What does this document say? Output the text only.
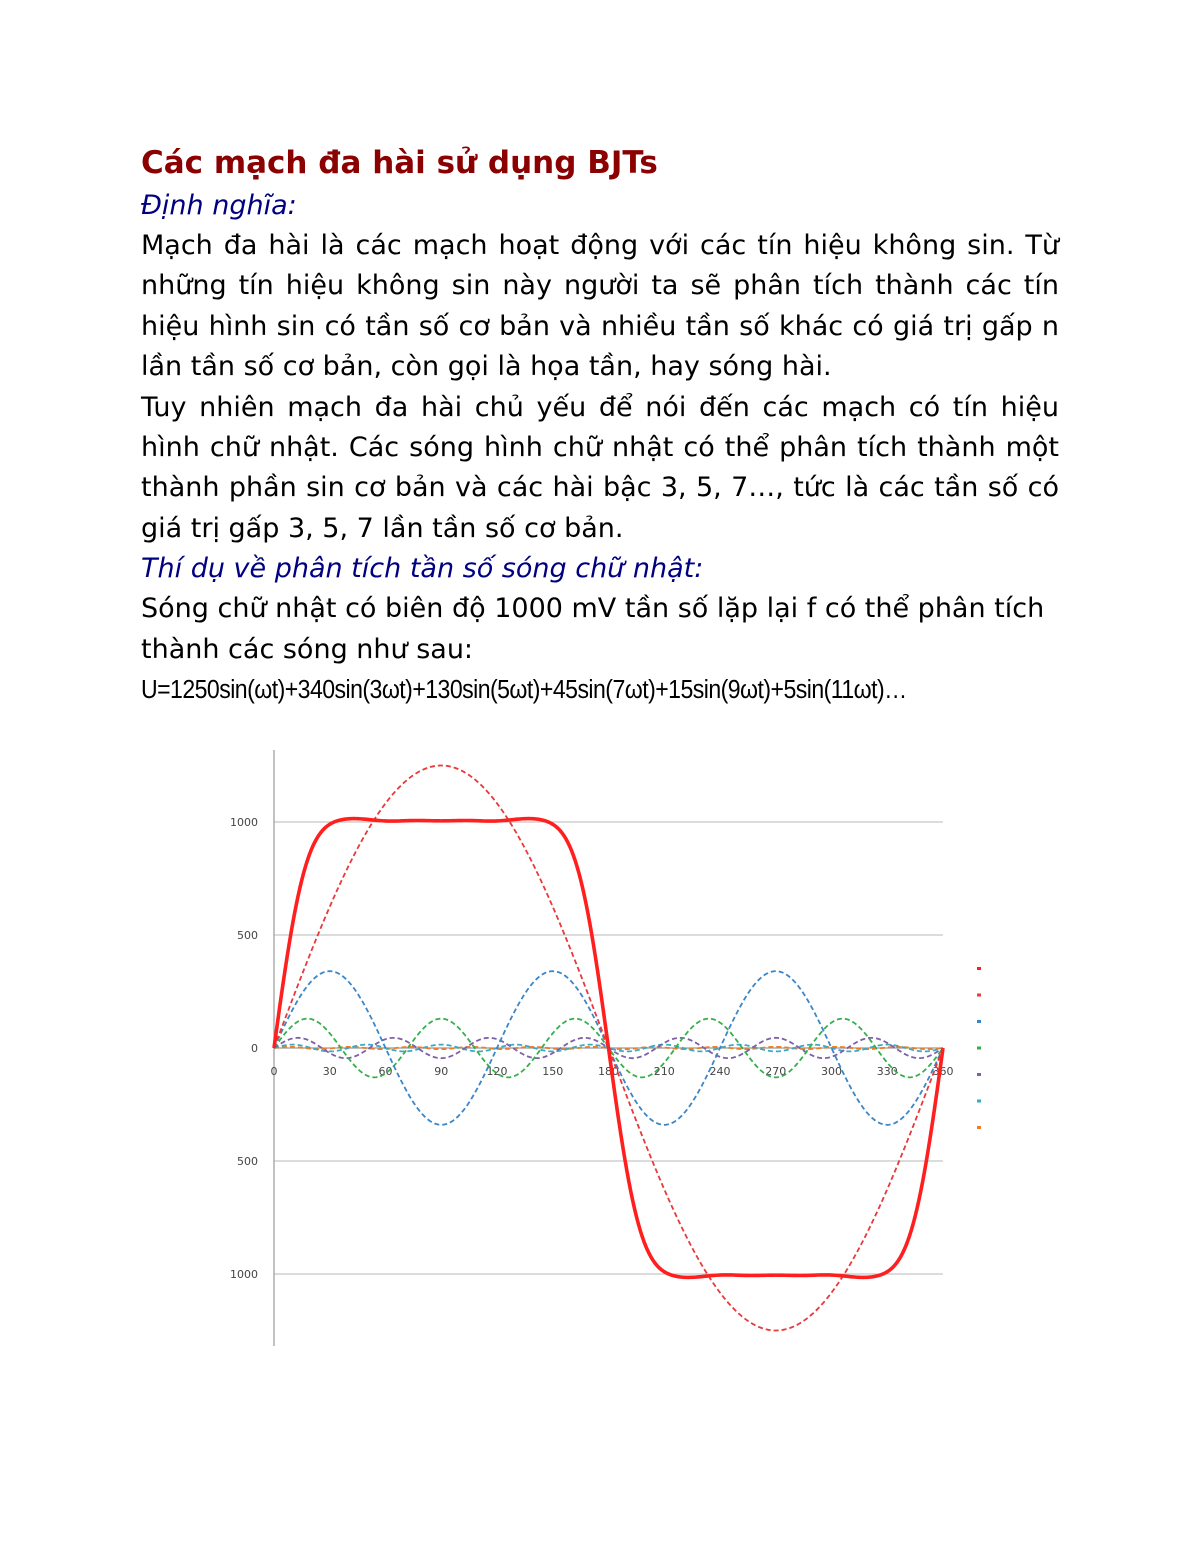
Các mạch đa hài sử dụng BJTs

Định nghĩa:

Mạch đa hài là các mạch hoạt động với các tín hiệu không sin. Từ những tín hiệu không sin này người ta sẽ phân tích thành các tín hiệu hình sin có tần số cơ bản và nhiều tần số khác có giá trị gấp n lần tần số cơ bản, còn gọi là họa tần, hay sóng hài.

Tuy nhiên mạch đa hài chủ yếu để nói đến các mạch có tín hiệu hình chữ nhật. Các sóng hình chữ nhật có thể phân tích thành một thành phần sin cơ bản và các hài bậc 3, 5, 7…, tức là các tần số có giá trị gấp 3, 5, 7 lần tần số cơ bản.

Thí dụ về phân tích tần số sóng chữ nhật:

Sóng chữ nhật có biên độ 1000 mV tần số lặp lại f có thể phân tích thành các sóng như sau:

U=1250sin(ωt)+340sin(3ωt)+130sin(5ωt)+45sin(7ωt)+15sin(9ωt)+5sin(11ωt)…

1000
500
0
500
1000
0	30	60	90	120	150	180	210	240	270	300	330	360
